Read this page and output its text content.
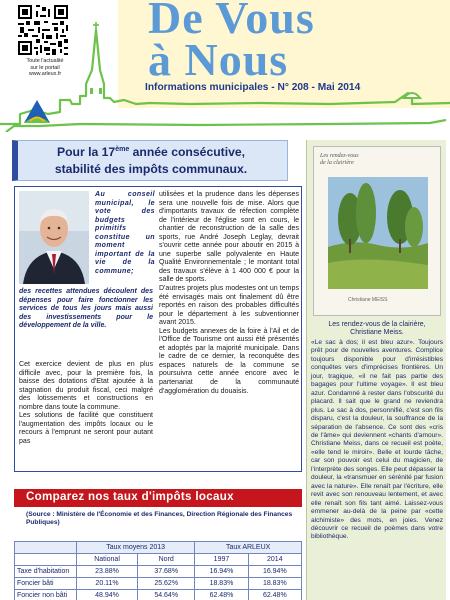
Toute l'actualité
sur le portail
www.arleux.fr
De Vous
à Nous
Informations municipales - N° 208 - Mai 2014
Pour la 17ème année consécutive,
stabilité des impôts communaux.
Au conseil municipal, le vote des budgets primitifs constitue un moment important de la vie de la commune;
des recettes attendues découlent des dépenses pour faire fonctionner les services de tous les jours mais aussi des investissements pour le développement de la ville.

Cet exercice devient de plus en plus difficile avec, pour la première fois, la baisse des dotations d'Etat ajoutée à la stagnation du produit fiscal, ceci malgré des lotissements et constructions en nombre dans toute la commune.

Les solutions de facilité que constituent l'augmentation des impôts locaux ou le recours à l'emprunt ne seront pour autant pas

utilisées et la prudence dans les dépenses sera une nouvelle fois de mise. Alors que d'importants travaux de réfection complète de l'intérieur de l'église sont en cours, le chantier de reconstruction de la salle des sports, rue André Joseph Leglay, devrait s'ouvrir cette année pour aboutir en 2015 à une superbe salle polyvalente en Haute Qualité Environnementale ; le montant total des travaux s'élève à 1 400 000 € pour la salle de sports.

D'autres projets plus modestes ont un temps été envisagés mais ont finalement dû être reportés en raison des probables difficultés pour le département à les subventionner avant 2015.

Les budgets annexes de la foire à l'Ail et de l'Office de Tourisme ont aussi été présentés et adoptés par la majorité municipale. Dans le cadre de ce dernier, la reconquête des espaces naturels de la commune se poursuivra cette année encore avec le partenariat de la communauté d'agglomération du douaisis.

Les rendez-vous
de la clairière
Christiane MEISS
Les rendez-vous de la clairière,
Christiane Meiss.
«Le sac à dos; il est bleu azur». Toujours prêt pour de nouvelles aventures. Complice toujours disponible pour d'irrésistibles conquêtes vers d'imprécises frontières. Un jour, tragique, «il ne fait pas partie des bagages pour l'ultime voyage». Il est bleu azur. Condamné à rester dans l'obscurité du placard. Il sait que le grand ne reviendra plus. Le sac à dos, personnifié, c'est son fils disparu, c'est la douleur, la souffrance de la séparation de l'absence. Ce sont des «cris de l'âme» qui deviennent «chants d'amour». Christiane Meiss, dans ce recueil est poète, «elle tend le miroir». Belle et lourde tâche, car son pouvoir est celui du magicien, de l'interprète des songes. Elle peut dépasser la douleur, la «transmuer en sérénité par fusion avec la nature». Elle renaît par l'écriture, elle revit avec son renouveau lentement, et avec elle renaît son fils tant aimé. Laissez-vous emmener au-delà de la peine par «cette alchimiste» des mots, en joies. Venez découvrir ce recueil de poèmes dans votre bibliothèque.
Comparez nos taux d'impôts locaux
(Source : Ministère de l'Économie et des Finances, Direction Régionale des Finances Publiques)
	Taux moyens 2013		Taux ARLEUX	
	National	Nord	1997	2014
Taxe d'habitation	23.88%	37.68%	16.94%	16.94%
Foncier bâti	20.11%	25.62%	18.83%	18.83%
Foncier non bâti	48.94%	54.64%	62.48%	62.48%
